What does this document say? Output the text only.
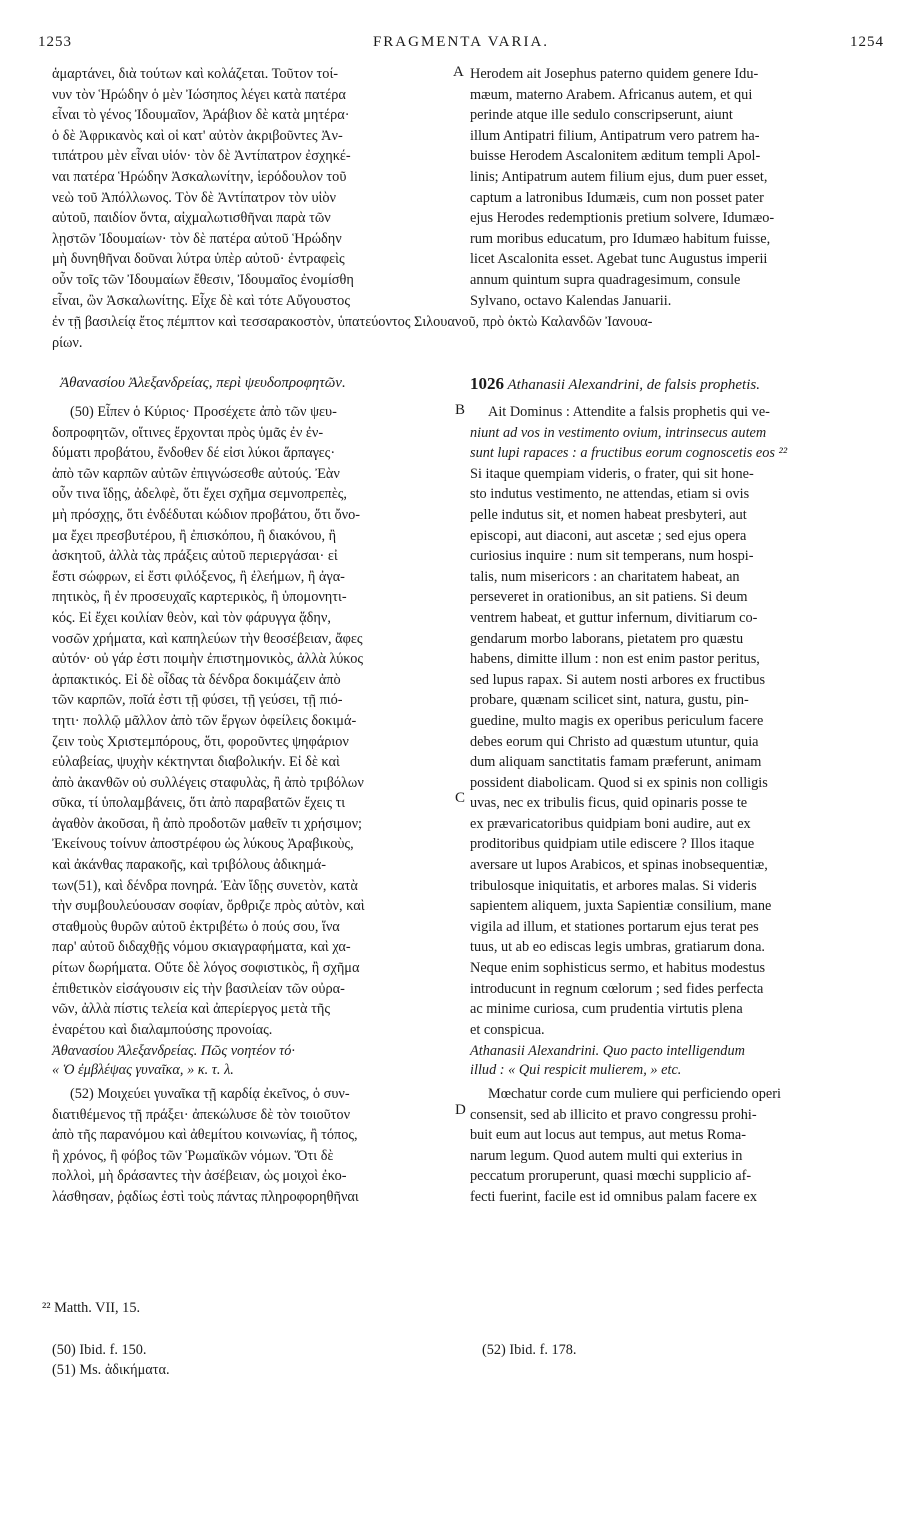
1253	FRAGMENTA VARIA.	1254
A
B
C
D

ἁμαρτάνει, διὰ τούτων καὶ κολάζεται. Τοῦτον τοί-

νυν τὸν Ἡρώδην ὁ μὲν Ἰώσηπος λέγει κατὰ πατέρα

εἶναι τὸ γένος Ἰδουμαῖον, Ἀράβιον δὲ κατὰ μητέρα·

ὁ δὲ Ἀφρικανὸς καὶ οἱ κατ' αὐτὸν ἀκριβοῦντες Ἀν-

τιπάτρου μὲν εἶναι υἱόν· τὸν δὲ Ἀντίπατρον ἐσχηκέ-

ναι πατέρα Ἡρώδην Ἀσκαλωνίτην, ἱερόδουλον τοῦ

νεὼ τοῦ Ἀπόλλωνος. Τὸν δὲ Ἀντίπατρον τὸν υἱὸν

αὐτοῦ, παιδίον ὄντα, αἰχμαλωτισθῆναι παρὰ τῶν

λῃστῶν Ἰδουμαίων· τὸν δὲ πατέρα αὐτοῦ Ἡρώδην

μὴ δυνηθῆναι δοῦναι λύτρα ὑπὲρ αὐτοῦ· ἐντραφεὶς

οὖν τοῖς τῶν Ἰδουμαίων ἔθεσιν, Ἰδουμαῖος ἐνομίσθη

εἶναι, ὢν Ἀσκαλωνίτης. Εἶχε δὲ καὶ τότε Αὔγουστος

Herodem ait Josephus paterno quidem genere Idu-

mæum, materno Arabem. Africanus autem, et qui

perinde atque ille sedulo conscripserunt, aiunt

illum Antipatri filium, Antipatrum vero patrem ha-

buisse Herodem Ascalonitem æditum templi Apol-

linis; Antipatrum autem filium ejus, dum puer esset,

captum a latronibus Idumæis, cum non posset pater

ejus Herodes redemptionis pretium solvere, Idumæo-

rum moribus educatum, pro Idumæo habitum fuisse,

licet Ascalonita esset. Agebat tunc Augustus imperii

annum quintum supra quadragesimum, consule

Sylvano, octavo Kalendas Januarii.

ἐν τῇ βασιλείᾳ ἔτος πέμπτον καὶ τεσσαρακοστὸν, ὑπατεύοντος Σιλουανοῦ, πρὸ ὀκτὼ Καλανδῶν Ἰανουα-

ρίων.

Ἀθανασίου Ἀλεξανδρείας, περὶ ψευδοπροφητῶν.	1026 Athanasii Alexandrini, de falsis prophetis.

(50) Εἶπεν ὁ Κύριος· Προσέχετε ἀπὸ τῶν ψευ-

δοπροφητῶν, οἵτινες ἔρχονται πρὸς ὑμᾶς ἐν ἐν-

δύματι προβάτου, ἔνδοθεν δέ εἰσι λύκοι ἅρπαγες·

ἀπὸ τῶν καρπῶν αὐτῶν ἐπιγνώσεσθε αὐτούς. Ἐὰν

οὖν τινα ἴδῃς, ἀδελφὲ, ὅτι ἔχει σχῆμα σεμνοπρεπὲς,

μὴ πρόσχῃς, ὅτι ἐνδέδυται κώδιον προβάτου, ὅτι ὄνο-

μα ἔχει πρεσβυτέρου, ἢ ἐπισκόπου, ἢ διακόνου, ἢ

ἀσκητοῦ, ἀλλὰ τὰς πράξεις αὐτοῦ περιεργάσαι· εἰ

ἔστι σώφρων, εἰ ἔστι φιλόξενος, ἢ ἐλεήμων, ἢ ἀγα-

πητικὸς, ἢ ἐν προσευχαῖς καρτερικὸς, ἢ ὑπομονητι-

κός. Εἰ ἔχει κοιλίαν θεὸν, καὶ τὸν φάρυγγα ᾅδην,

νοσῶν χρήματα, καὶ καπηλεύων τὴν θεοσέβειαν, ἄφες

αὐτόν· οὐ γάρ ἐστι ποιμὴν ἐπιστημονικὸς, ἀλλὰ λύκος

ἁρπακτικός. Εἰ δὲ οἶδας τὰ δένδρα δοκιμάζειν ἀπὸ

τῶν καρπῶν, ποῖά ἐστι τῇ φύσει, τῇ γεύσει, τῇ πιό-

τητι· πολλῷ μᾶλλον ἀπὸ τῶν ἔργων ὀφείλεις δοκιμά-

ζειν τοὺς Χριστεμπόρους, ὅτι, φοροῦντες ψηφάριον

εὐλαβείας, ψυχὴν κέκτηνται διαβολικήν. Εἰ δὲ καὶ

ἀπὸ ἀκανθῶν οὐ συλλέγεις σταφυλὰς, ἢ ἀπὸ τριβόλων

σῦκα, τί ὑπολαμβάνεις, ὅτι ἀπὸ παραβατῶν ἔχεις τι

ἀγαθὸν ἀκοῦσαι, ἢ ἀπὸ προδοτῶν μαθεῖν τι χρήσιμον;

Ἐκείνους τοίνυν ἀποστρέφου ὡς λύκους Ἀραβικοὺς,

καὶ ἀκάνθας παρακοῆς, καὶ τριβόλους ἀδικημά-

των(51), καὶ δένδρα πονηρά. Ἐὰν ἴδῃς συνετὸν, κατὰ

τὴν συμβουλεύουσαν σοφίαν, ὄρθριζε πρὸς αὐτὸν, καὶ

σταθμοὺς θυρῶν αὐτοῦ ἐκτριβέτω ὁ πούς σου, ἵνα

παρ' αὐτοῦ διδαχθῇς νόμου σκιαγραφήματα, καὶ χα-

ρίτων δωρήματα. Οὔτε δὲ λόγος σοφιστικὸς, ἢ σχῆμα

ἐπιθετικὸν εἰσάγουσιν εἰς τὴν βασιλείαν τῶν οὐρα-

νῶν, ἀλλὰ πίστις τελεία καὶ ἀπερίεργος μετὰ τῆς

ἐναρέτου καὶ διαλαμπούσης προνοίας.

Ait Dominus : Attendite a falsis prophetis qui ve-

niunt ad vos in vestimento ovium, intrinsecus autem

sunt lupi rapaces : a fructibus eorum cognoscetis eos ²²

Si itaque quempiam videris, o frater, qui sit hone-

sto indutus vestimento, ne attendas, etiam si ovis

pelle indutus sit, et nomen habeat presbyteri, aut

episcopi, aut diaconi, aut ascetæ ; sed ejus opera

curiosius inquire : num sit temperans, num hospi-

talis, num misericors : an charitatem habeat, an

perseveret in orationibus, an sit patiens. Si deum

ventrem habeat, et guttur infernum, divitiarum co-

gendarum morbo laborans, pietatem pro quæstu

habens, dimitte illum : non est enim pastor peritus,

sed lupus rapax. Si autem nosti arbores ex fructibus

probare, quænam scilicet sint, natura, gustu, pin-

guedine, multo magis ex operibus periculum facere

debes eorum qui Christo ad quæstum utuntur, quia

dum aliquam sanctitatis famam præferunt, animam

possident diabolicam. Quod si ex spinis non colligis

uvas, nec ex tribulis ficus, quid opinaris posse te

ex prævaricatoribus quidpiam boni audire, aut ex

proditoribus quidpiam utile ediscere ? Illos itaque

aversare ut lupos Arabicos, et spinas inobsequentiæ,

tribulosque iniquitatis, et arbores malas. Si videris

sapientem aliquem, juxta Sapientiæ consilium, mane

vigila ad illum, et stationes portarum ejus terat pes

tuus, ut ab eo ediscas legis umbras, gratiarum dona.

Neque enim sophisticus sermo, et habitus modestus

introducunt in regnum cœlorum ; sed fides perfecta

ac minime curiosa, cum prudentia virtutis plena

et conspicua.

Ἀθανασίου Ἀλεξανδρείας. Πῶς νοητέον τό·

« Ὁ ἐμβλέψας γυναῖκα, » κ. τ. λ.

Athanasii Alexandrini. Quo pacto intelligendum

illud : « Qui respicit mulierem, » etc.

(52) Μοιχεύει γυναῖκα τῇ καρδίᾳ ἐκεῖνος, ὁ συν-

διατιθέμενος τῇ πράξει· ἀπεκώλυσε δὲ τὸν τοιοῦτον

ἀπὸ τῆς παρανόμου καὶ ἀθεμίτου κοινωνίας, ἢ τόπος,

ἢ χρόνος, ἢ φόβος τῶν Ῥωμαϊκῶν νόμων. Ὅτι δὲ

πολλοὶ, μὴ δράσαντες τὴν ἀσέβειαν, ὡς μοιχοὶ ἐκο-

λάσθησαν, ῥᾳδίως ἐστὶ τοὺς πάντας πληροφορηθῆναι

Mœchatur corde cum muliere qui perficiendo operi

consensit, sed ab illicito et pravo congressu prohi-

buit eum aut locus aut tempus, aut metus Roma-

narum legum. Quod autem multi qui exterius in

peccatum proruperunt, quasi mœchi supplicio af-

fecti fuerint, facile est id omnibus palam facere ex

²² Matth. VII, 15.

(50) Ibid. f. 150.

(51) Ms. ἀδικήματα.

(52) Ibid. f. 178.
